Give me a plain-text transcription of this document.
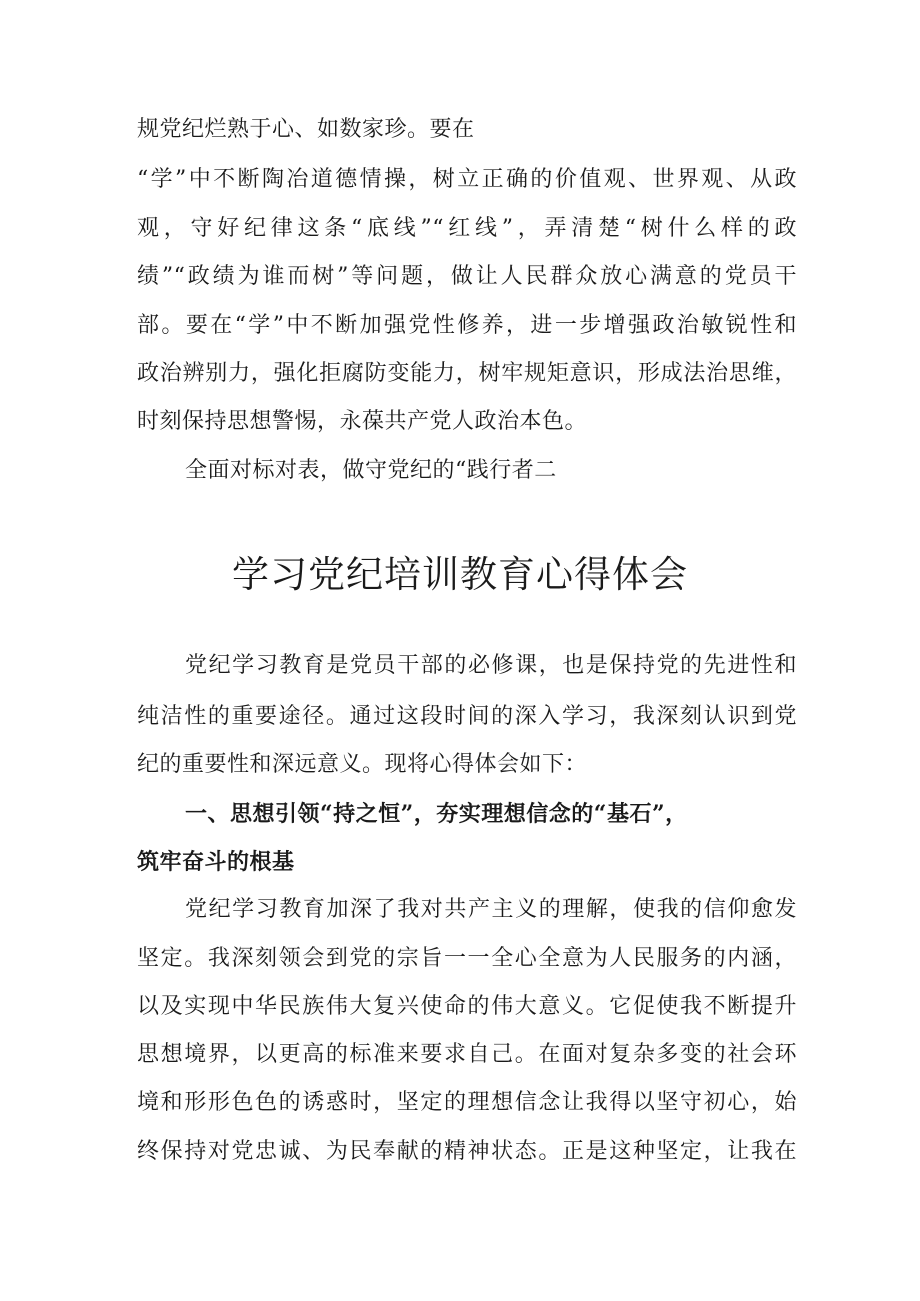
规党纪烂熟于心、如数家珍。要在
“学”中不断陶冶道德情操，树立正确的价值观、世界观、从政
观，守好纪律这条“底线”“红线”，弄清楚“树什么样的政
绩”“政绩为谁而树”等问题，做让人民群众放心满意的党员干
部。要在“学”中不断加强党性修养，进一步增强政治敏锐性和
政治辨别力，强化拒腐防变能力，树牢规矩意识，形成法治思维，
时刻保持思想警惕，永葆共产党人政治本色。
全面对标对表，做守党纪的“践行者二
学习党纪培训教育心得体会
党纪学习教育是党员干部的必修课，也是保持党的先进性和
纯洁性的重要途径。通过这段时间的深入学习，我深刻认识到党
纪的重要性和深远意义。现将心得体会如下：
一、思想引领“持之恒”，夯实理想信念的“基石”，
筑牢奋斗的根基
党纪学习教育加深了我对共产主义的理解，使我的信仰愈发
坚定。我深刻领会到党的宗旨一一全心全意为人民服务的内涵，
以及实现中华民族伟大复兴使命的伟大意义。它促使我不断提升
思想境界，以更高的标准来要求自己。在面对复杂多变的社会环
境和形形色色的诱惑时，坚定的理想信念让我得以坚守初心，始
终保持对党忠诚、为民奉献的精神状态。正是这种坚定，让我在
